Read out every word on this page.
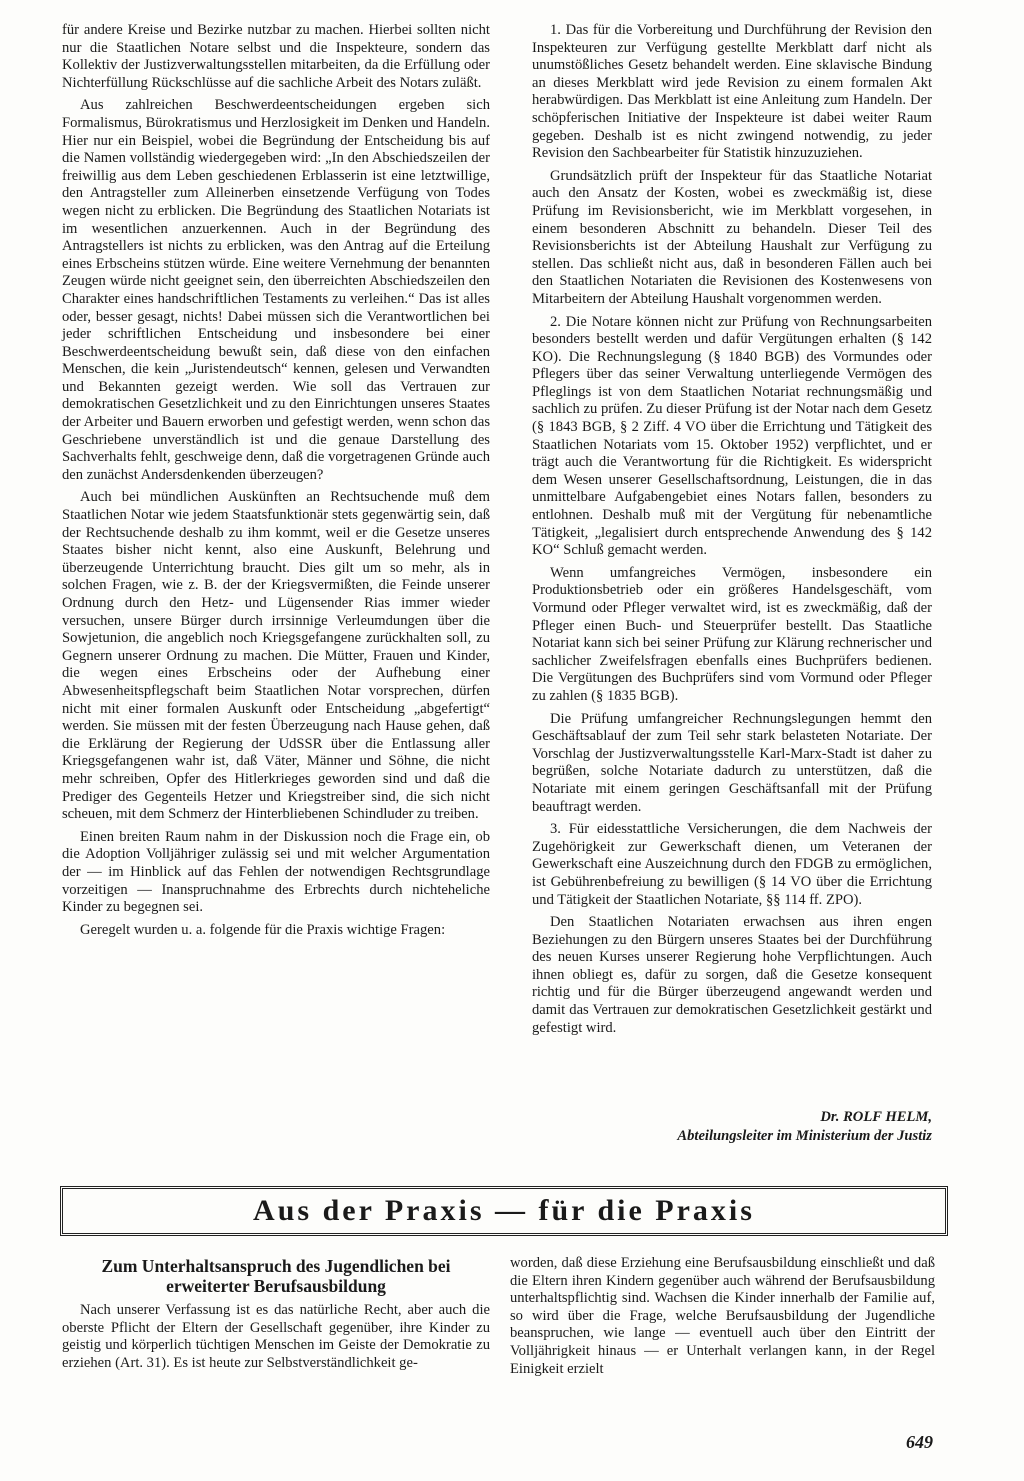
für andere Kreise und Bezirke nutzbar zu machen. Hierbei sollten nicht nur die Staatlichen Notare selbst und die Inspekteure, sondern das Kollektiv der Justizverwaltungsstellen mitarbeiten, da die Erfüllung oder Nichterfüllung Rückschlüsse auf die sachliche Arbeit des Notars zuläßt.

Aus zahlreichen Beschwerdeentscheidungen ergeben sich Formalismus, Bürokratismus und Herzlosigkeit im Denken und Handeln. Hier nur ein Beispiel, wobei die Begründung der Entscheidung bis auf die Namen vollständig wiedergegeben wird: „In den Abschiedszeilen der freiwillig aus dem Leben geschiedenen Erblasserin ist eine letztwillige, den Antragsteller zum Alleinerben einsetzende Verfügung von Todes wegen nicht zu erblicken. Die Begründung des Staatlichen Notariats ist im wesentlichen anzuerkennen. Auch in der Begründung des Antragstellers ist nichts zu erblicken, was den Antrag auf die Erteilung eines Erbscheins stützen würde. Eine weitere Vernehmung der benannten Zeugen würde nicht geeignet sein, den überreichten Abschiedszeilen den Charakter eines handschriftlichen Testaments zu verleihen.“ Das ist alles oder, besser gesagt, nichts! Dabei müssen sich die Verantwortlichen bei jeder schriftlichen Entscheidung und insbesondere bei einer Beschwerdeentscheidung bewußt sein, daß diese von den einfachen Menschen, die kein „Juristendeutsch“ kennen, gelesen und Verwandten und Bekannten gezeigt werden. Wie soll das Vertrauen zur demokratischen Gesetzlichkeit und zu den Einrichtungen unseres Staates der Arbeiter und Bauern erworben und gefestigt werden, wenn schon das Geschriebene unverständlich ist und die genaue Darstellung des Sachverhalts fehlt, geschweige denn, daß die vorgetragenen Gründe auch den zunächst Andersdenkenden überzeugen?

Auch bei mündlichen Auskünften an Rechtsuchende muß dem Staatlichen Notar wie jedem Staatsfunktionär stets gegenwärtig sein, daß der Rechtsuchende deshalb zu ihm kommt, weil er die Gesetze unseres Staates bisher nicht kennt, also eine Auskunft, Belehrung und überzeugende Unterrichtung braucht. Dies gilt um so mehr, als in solchen Fragen, wie z. B. der der Kriegsvermißten, die Feinde unserer Ordnung durch den Hetz- und Lügensender Rias immer wieder versuchen, unsere Bürger durch irrsinnige Verleumdungen über die Sowjetunion, die angeblich noch Kriegsgefangene zurückhalten soll, zu Gegnern unserer Ordnung zu machen. Die Mütter, Frauen und Kinder, die wegen eines Erbscheins oder der Aufhebung einer Abwesenheitspflegschaft beim Staatlichen Notar vorsprechen, dürfen nicht mit einer formalen Auskunft oder Entscheidung „abgefertigt“ werden. Sie müssen mit der festen Überzeugung nach Hause gehen, daß die Erklärung der Regierung der UdSSR über die Entlassung aller Kriegsgefangenen wahr ist, daß Väter, Männer und Söhne, die nicht mehr schreiben, Opfer des Hitlerkrieges geworden sind und daß die Prediger des Gegenteils Hetzer und Kriegstreiber sind, die sich nicht scheuen, mit dem Schmerz der Hinterbliebenen Schindluder zu treiben.

Einen breiten Raum nahm in der Diskussion noch die Frage ein, ob die Adoption Volljähriger zulässig sei und mit welcher Argumentation der — im Hinblick auf das Fehlen der notwendigen Rechtsgrundlage vorzeitigen — Inanspruchnahme des Erbrechts durch nichteheliche Kinder zu begegnen sei.

Geregelt wurden u. a. folgende für die Praxis wichtige Fragen:

1. Das für die Vorbereitung und Durchführung der Revision den Inspekteuren zur Verfügung gestellte Merkblatt darf nicht als unumstößliches Gesetz behandelt werden. Eine sklavische Bindung an dieses Merkblatt wird jede Revision zu einem formalen Akt herabwürdigen. Das Merkblatt ist eine Anleitung zum Handeln. Der schöpferischen Initiative der Inspekteure ist dabei weiter Raum gegeben. Deshalb ist es nicht zwingend notwendig, zu jeder Revision den Sachbearbeiter für Statistik hinzuzuziehen.

Grundsätzlich prüft der Inspekteur für das Staatliche Notariat auch den Ansatz der Kosten, wobei es zweckmäßig ist, diese Prüfung im Revisionsbericht, wie im Merkblatt vorgesehen, in einem besonderen Abschnitt zu behandeln. Dieser Teil des Revisionsberichts ist der Abteilung Haushalt zur Verfügung zu stellen. Das schließt nicht aus, daß in besonderen Fällen auch bei den Staatlichen Notariaten die Revisionen des Kostenwesens von Mitarbeitern der Abteilung Haushalt vorgenommen werden.

2. Die Notare können nicht zur Prüfung von Rechnungsarbeiten besonders bestellt werden und dafür Vergütungen erhalten (§ 142 KO). Die Rechnungslegung (§ 1840 BGB) des Vormundes oder Pflegers über das seiner Verwaltung unterliegende Vermögen des Pfleglings ist von dem Staatlichen Notariat rechnungsmäßig und sachlich zu prüfen. Zu dieser Prüfung ist der Notar nach dem Gesetz (§ 1843 BGB, § 2 Ziff. 4 VO über die Errichtung und Tätigkeit des Staatlichen Notariats vom 15. Oktober 1952) verpflichtet, und er trägt auch die Verantwortung für die Richtigkeit. Es widerspricht dem Wesen unserer Gesellschaftsordnung, Leistungen, die in das unmittelbare Aufgabengebiet eines Notars fallen, besonders zu entlohnen. Deshalb muß mit der Vergütung für nebenamtliche Tätigkeit, „legalisiert durch entsprechende Anwendung des § 142 KO“ Schluß gemacht werden.

Wenn umfangreiches Vermögen, insbesondere ein Produktionsbetrieb oder ein größeres Handelsgeschäft, vom Vormund oder Pfleger verwaltet wird, ist es zweckmäßig, daß der Pfleger einen Buch- und Steuerprüfer bestellt. Das Staatliche Notariat kann sich bei seiner Prüfung zur Klärung rechnerischer und sachlicher Zweifelsfragen ebenfalls eines Buchprüfers bedienen. Die Vergütungen des Buchprüfers sind vom Vormund oder Pfleger zu zahlen (§ 1835 BGB).

Die Prüfung umfangreicher Rechnungslegungen hemmt den Geschäftsablauf der zum Teil sehr stark belasteten Notariate. Der Vorschlag der Justizverwaltungsstelle Karl-Marx-Stadt ist daher zu begrüßen, solche Notariate dadurch zu unterstützen, daß die Notariate mit einem geringen Geschäftsanfall mit der Prüfung beauftragt werden.

3. Für eidesstattliche Versicherungen, die dem Nachweis der Zugehörigkeit zur Gewerkschaft dienen, um Veteranen der Gewerkschaft eine Auszeichnung durch den FDGB zu ermöglichen, ist Gebührenbefreiung zu bewilligen (§ 14 VO über die Errichtung und Tätigkeit der Staatlichen Notariate, §§ 114 ff. ZPO).

Den Staatlichen Notariaten erwachsen aus ihren engen Beziehungen zu den Bürgern unseres Staates bei der Durchführung des neuen Kurses unserer Regierung hohe Verpflichtungen. Auch ihnen obliegt es, dafür zu sorgen, daß die Gesetze konsequent richtig und für die Bürger überzeugend angewandt werden und damit das Vertrauen zur demokratischen Gesetzlichkeit gestärkt und gefestigt wird.

Dr. ROLF HELM,
Abteilungsleiter im Ministerium der Justiz
Aus der Praxis — für die Praxis
Zum Unterhaltsanspruch des Jugendlichen bei erweiterter Berufsausbildung

Nach unserer Verfassung ist es das natürliche Recht, aber auch die oberste Pflicht der Eltern der Gesellschaft gegenüber, ihre Kinder zu geistig und körperlich tüchtigen Menschen im Geiste der Demokratie zu erziehen (Art. 31). Es ist heute zur Selbstverständlichkeit ge-

worden, daß diese Erziehung eine Berufsausbildung einschließt und daß die Eltern ihren Kindern gegenüber auch während der Berufsausbildung unterhaltspflichtig sind. Wachsen die Kinder innerhalb der Familie auf, so wird über die Frage, welche Berufsausbildung der Jugendliche beanspruchen, wie lange — eventuell auch über den Eintritt der Volljährigkeit hinaus — er Unterhalt verlangen kann, in der Regel Einigkeit erzielt

649
